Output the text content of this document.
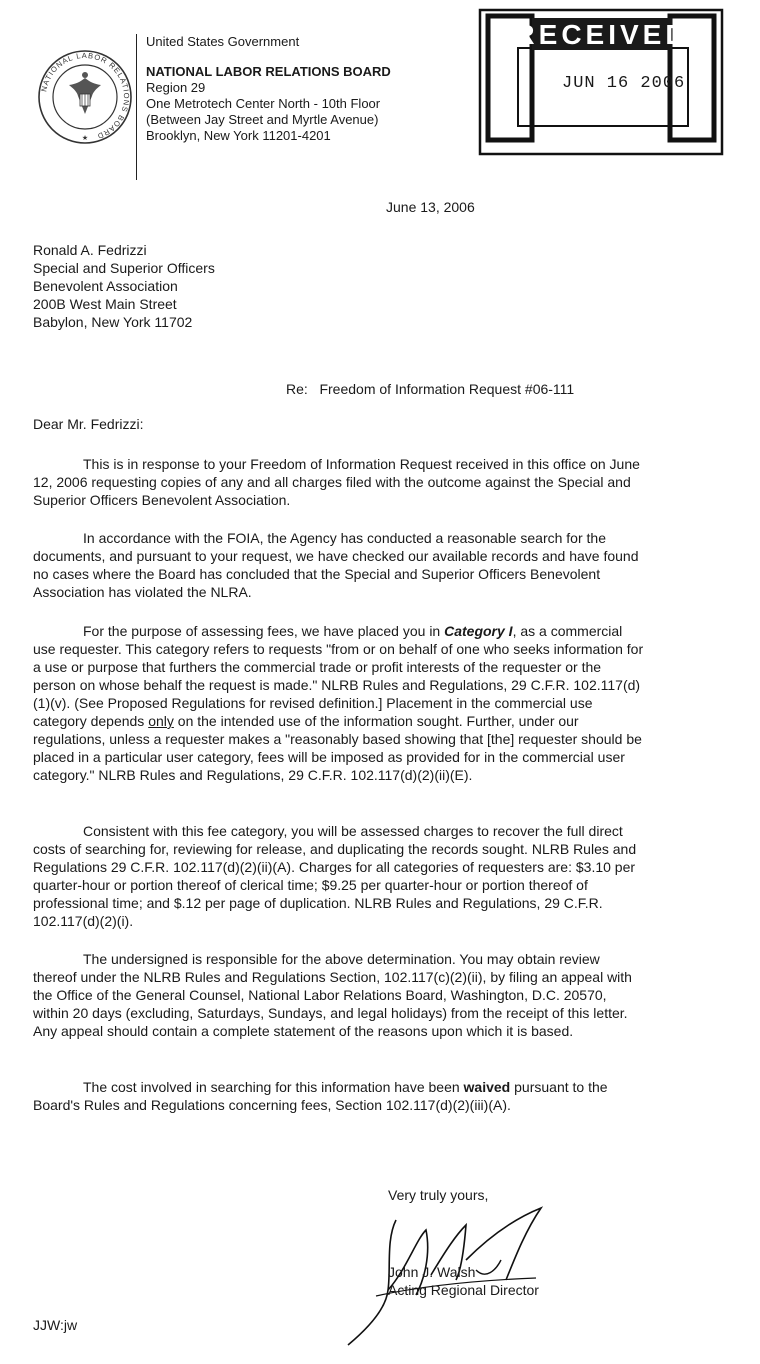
NATIONAL LABOR RELATIONS BOARD
★
United States Government
NATIONAL LABOR RELATIONS BOARD
Region 29
One Metrotech Center North - 10th Floor
(Between Jay Street and Myrtle Avenue)
Brooklyn, New York 11201-4201
RECEIVED
JUN 16 2006
June 13, 2006
Ronald A. Fedrizzi
Special and Superior Officers
Benevolent Association
200B West Main Street
Babylon, New York 11702
Re: Freedom of Information Request #06-111
Dear Mr. Fedrizzi:
This is in response to your Freedom of Information Request received in this office on June 12, 2006 requesting copies of any and all charges filed with the outcome against the Special and Superior Officers Benevolent Association.
In accordance with the FOIA, the Agency has conducted a reasonable search for the documents, and pursuant to your request, we have checked our available records and have found no cases where the Board has concluded that the Special and Superior Officers Benevolent Association has violated the NLRA.
For the purpose of assessing fees, we have placed you in Category I, as a commercial use requester. This category refers to requests "from or on behalf of one who seeks information for a use or purpose that furthers the commercial trade or profit interests of the requester or the person on whose behalf the request is made." NLRB Rules and Regulations, 29 C.F.R. 102.117(d)(1)(v). (See Proposed Regulations for revised definition.] Placement in the commercial use category depends only on the intended use of the information sought. Further, under our regulations, unless a requester makes a "reasonably based showing that [the] requester should be placed in a particular user category, fees will be imposed as provided for in the commercial user category." NLRB Rules and Regulations, 29 C.F.R. 102.117(d)(2)(ii)(E).
Consistent with this fee category, you will be assessed charges to recover the full direct costs of searching for, reviewing for release, and duplicating the records sought. NLRB Rules and Regulations 29 C.F.R. 102.117(d)(2)(ii)(A). Charges for all categories of requesters are: $3.10 per quarter-hour or portion thereof of clerical time; $9.25 per quarter-hour or portion thereof of professional time; and $.12 per page of duplication. NLRB Rules and Regulations, 29 C.F.R. 102.117(d)(2)(i).
The undersigned is responsible for the above determination. You may obtain review thereof under the NLRB Rules and Regulations Section, 102.117(c)(2)(ii), by filing an appeal with the Office of the General Counsel, National Labor Relations Board, Washington, D.C. 20570, within 20 days (excluding, Saturdays, Sundays, and legal holidays) from the receipt of this letter. Any appeal should contain a complete statement of the reasons upon which it is based.
The cost involved in searching for this information have been waived pursuant to the Board's Rules and Regulations concerning fees, Section 102.117(d)(2)(iii)(A).
Very truly yours,
John J. Walsh
Acting Regional Director
JJW:jw
